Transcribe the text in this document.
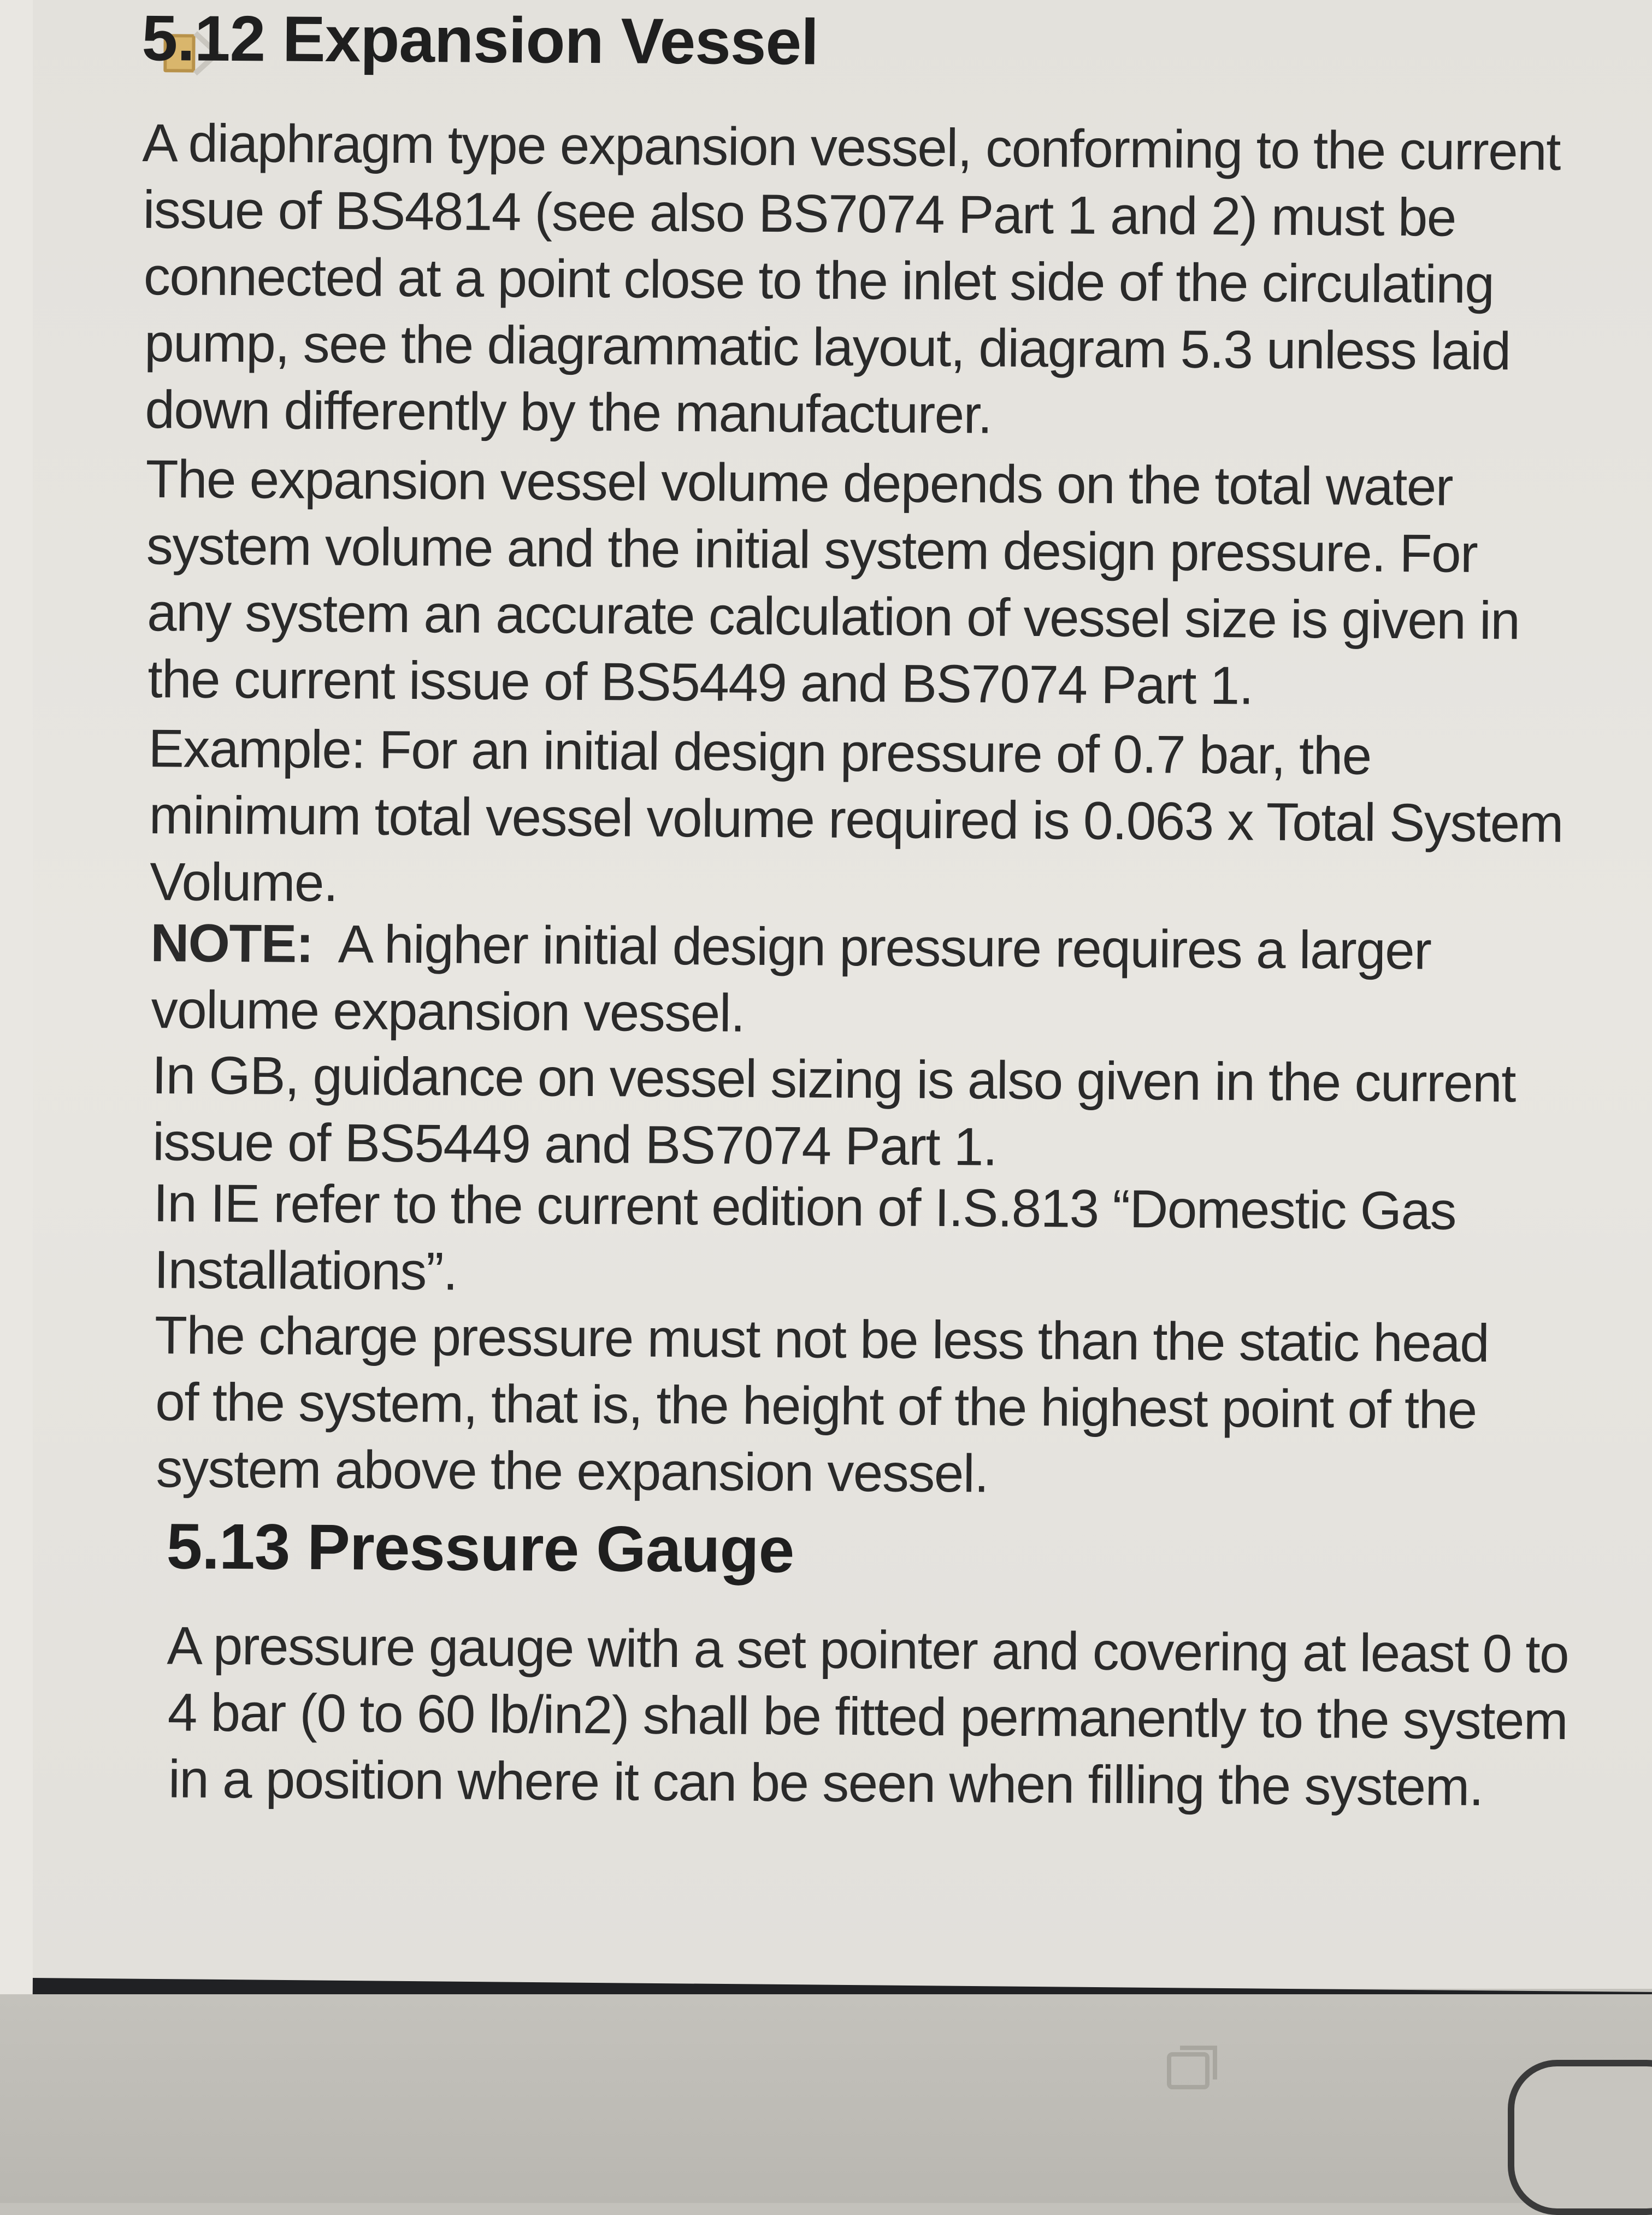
5.12 Expansion Vessel
A diaphragm type expansion vessel, conforming to the current
issue of BS4814 (see also BS7074 Part 1 and 2) must be
connected at a point close to the inlet side of the circulating
pump, see the diagrammatic layout, diagram 5.3 unless laid
down differently by the manufacturer.
The expansion vessel volume depends on the total water
system volume and the initial system design pressure. For
any system an accurate calculation of vessel size is given in
the current issue of BS5449 and BS7074 Part 1.
Example: For an initial design pressure of 0.7 bar, the
minimum total vessel volume required is 0.063 x Total System
Volume.
NOTE: A higher initial design pressure requires a larger
volume expansion vessel.
In GB, guidance on vessel sizing is also given in the current
issue of BS5449 and BS7074 Part 1.
In IE refer to the current edition of I.S.813 “Domestic Gas
Installations”.
The charge pressure must not be less than the static head
of the system, that is, the height of the highest point of the
system above the expansion vessel.
5.13 Pressure Gauge
A pressure gauge with a set pointer and covering at least 0 to
4 bar (0 to 60 lb/in2) shall be fitted permanently to the system
in a position where it can be seen when filling the system.
